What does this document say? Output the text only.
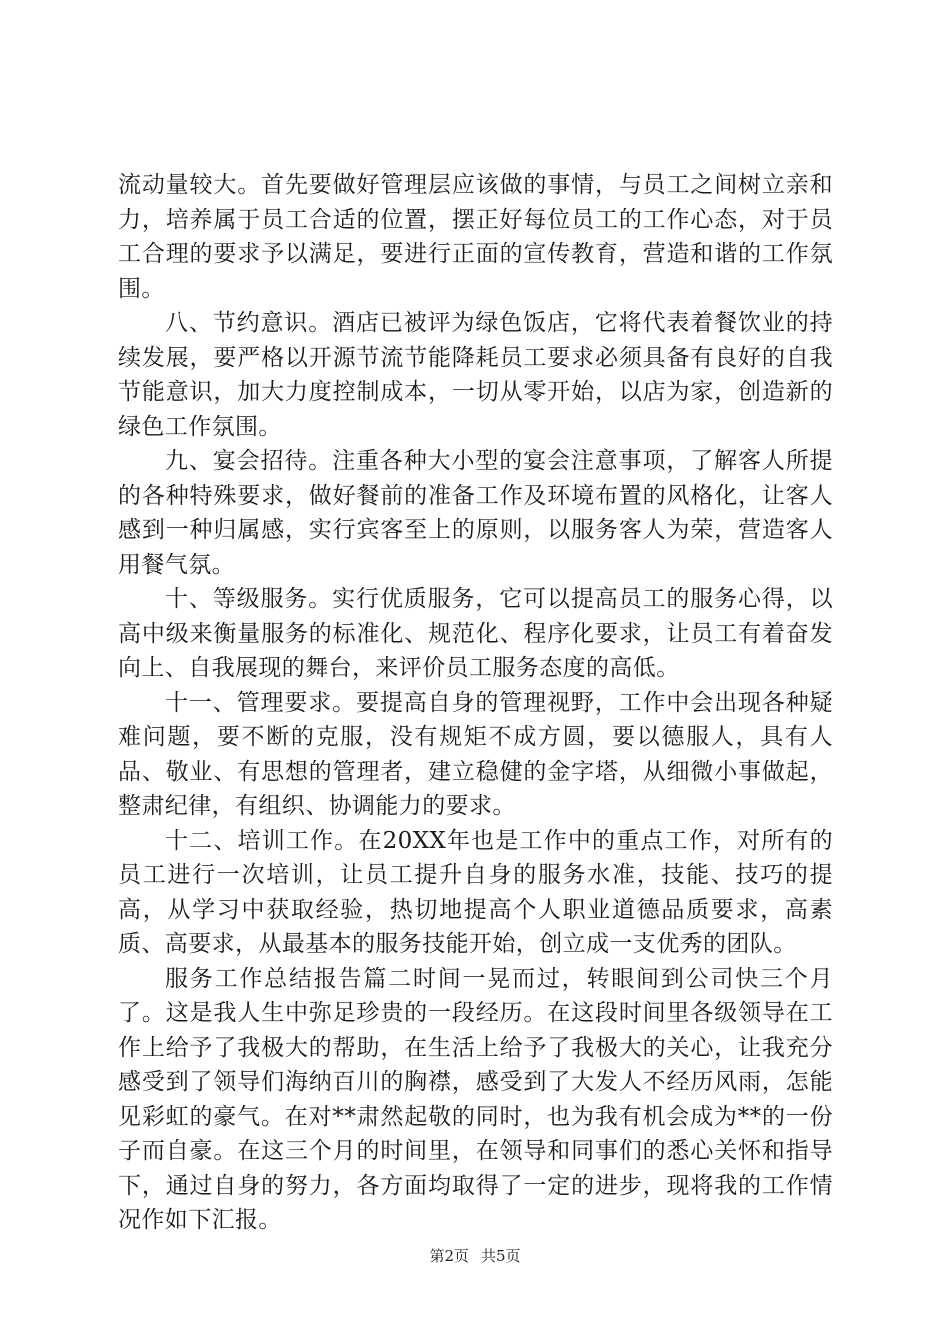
流动量较大。首先要做好管理层应该做的事情，与员工之间树立亲和力，培养属于员工合适的位置，摆正好每位员工的工作心态，对于员工合理的要求予以满足，要进行正面的宣传教育，营造和谐的工作氛围。

八、节约意识。酒店已被评为绿色饭店，它将代表着餐饮业的持续发展，要严格以开源节流节能降耗员工要求必须具备有良好的自我节能意识，加大力度控制成本，一切从零开始，以店为家，创造新的绿色工作氛围。

九、宴会招待。注重各种大小型的宴会注意事项，了解客人所提的各种特殊要求，做好餐前的准备工作及环境布置的风格化，让客人感到一种归属感，实行宾客至上的原则，以服务客人为荣，营造客人用餐气氛。

十、等级服务。实行优质服务，它可以提高员工的服务心得，以高中级来衡量服务的标准化、规范化、程序化要求，让员工有着奋发向上、自我展现的舞台，来评价员工服务态度的高低。

十一、管理要求。要提高自身的管理视野，工作中会出现各种疑难问题，要不断的克服，没有规矩不成方圆，要以德服人，具有人品、敬业、有思想的管理者，建立稳健的金字塔，从细微小事做起，整肃纪律，有组织、协调能力的要求。

十二、培训工作。在20XX年也是工作中的重点工作，对所有的员工进行一次培训，让员工提升自身的服务水准，技能、技巧的提高，从学习中获取经验，热切地提高个人职业道德品质要求，高素质、高要求，从最基本的服务技能开始，创立成一支优秀的团队。

服务工作总结报告篇二时间一晃而过，转眼间到公司快三个月了。这是我人生中弥足珍贵的一段经历。在这段时间里各级领导在工作上给予了我极大的帮助，在生活上给予了我极大的关心，让我充分感受到了领导们海纳百川的胸襟，感受到了大发人不经历风雨，怎能见彩虹的豪气。在对**肃然起敬的同时，也为我有机会成为**的一份子而自豪。在这三个月的时间里，在领导和同事们的悉心关怀和指导下，通过自身的努力，各方面均取得了一定的进步，现将我的工作情况作如下汇报。

第2页 共5页
